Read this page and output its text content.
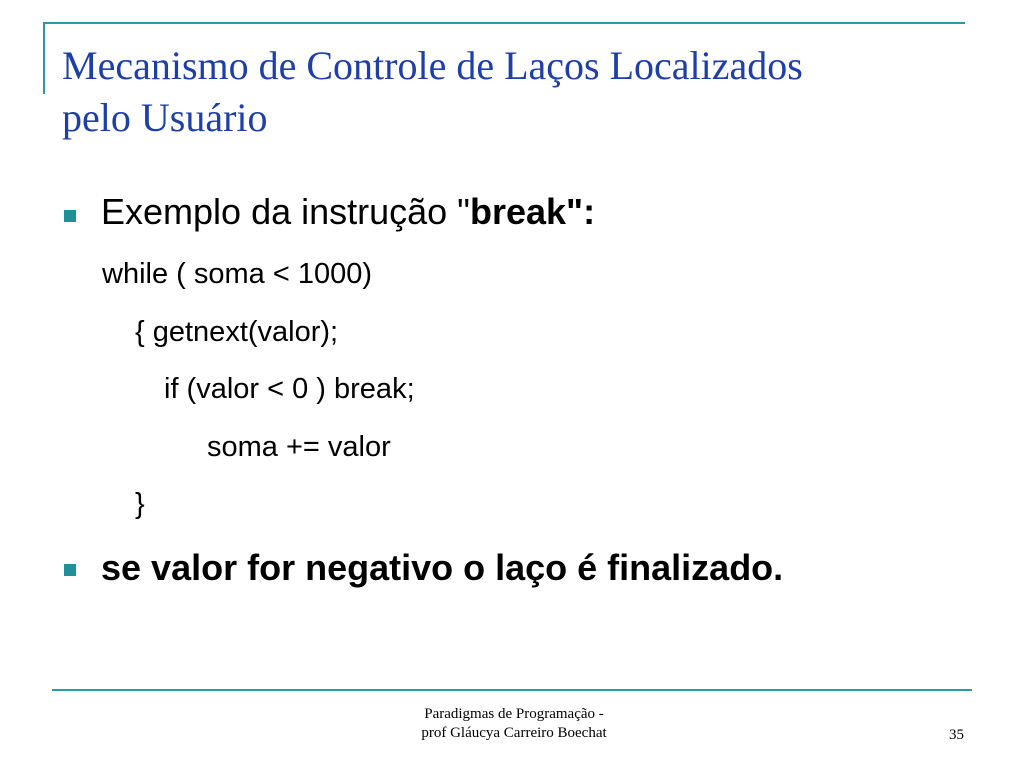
Mecanismo de Controle de Laços Localizados
pelo Usuário
Exemplo da instrução "break":
while ( soma < 1000)
{ getnext(valor);
if (valor < 0 ) break;
soma += valor
}
se valor for negativo o laço é finalizado.
Paradigmas de Programação -
prof Gláucya Carreiro Boechat	35
